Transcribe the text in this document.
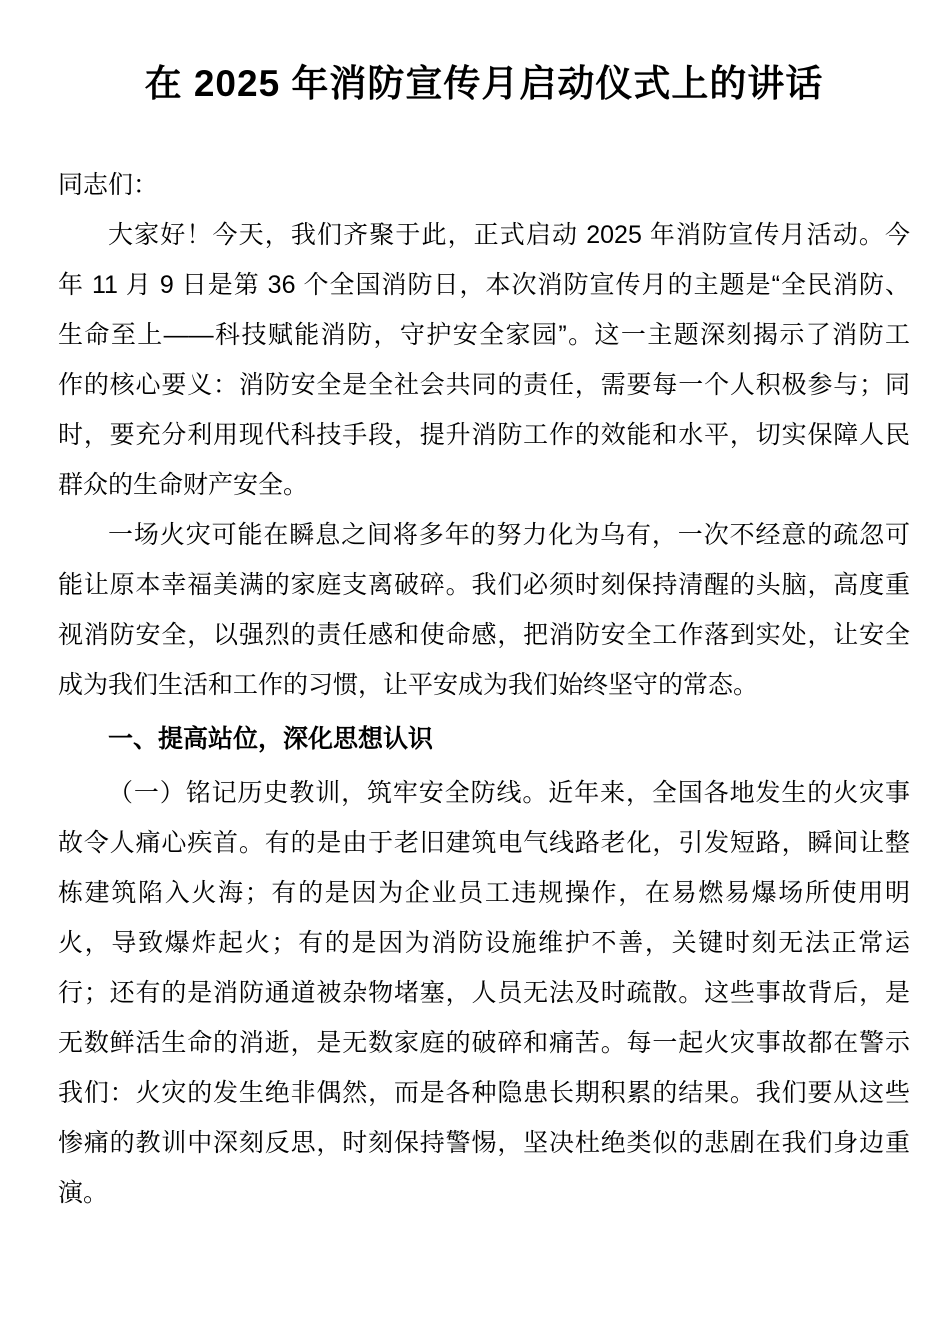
在 2025 年消防宣传月启动仪式上的讲话
同志们：
大家好！今天，我们齐聚于此，正式启动 2025 年消防宣传月活动。今
年 11 月 9 日是第 36 个全国消防日，本次消防宣传月的主题是“全民消防、
生命至上——科技赋能消防，守护安全家园”。这一主题深刻揭示了消防工
作的核心要义：消防安全是全社会共同的责任，需要每一个人积极参与；同
时，要充分利用现代科技手段，提升消防工作的效能和水平，切实保障人民
群众的生命财产安全。
一场火灾可能在瞬息之间将多年的努力化为乌有，一次不经意的疏忽可
能让原本幸福美满的家庭支离破碎。我们必须时刻保持清醒的头脑，高度重
视消防安全，以强烈的责任感和使命感，把消防安全工作落到实处，让安全
成为我们生活和工作的习惯，让平安成为我们始终坚守的常态。
一、提高站位，深化思想认识
（一）铭记历史教训，筑牢安全防线。近年来，全国各地发生的火灾事
故令人痛心疾首。有的是由于老旧建筑电气线路老化，引发短路，瞬间让整
栋建筑陷入火海；有的是因为企业员工违规操作，在易燃易爆场所使用明
火，导致爆炸起火；有的是因为消防设施维护不善，关键时刻无法正常运
行；还有的是消防通道被杂物堵塞，人员无法及时疏散。这些事故背后，是
无数鲜活生命的消逝，是无数家庭的破碎和痛苦。每一起火灾事故都在警示
我们：火灾的发生绝非偶然，而是各种隐患长期积累的结果。我们要从这些
惨痛的教训中深刻反思，时刻保持警惕，坚决杜绝类似的悲剧在我们身边重
演。
